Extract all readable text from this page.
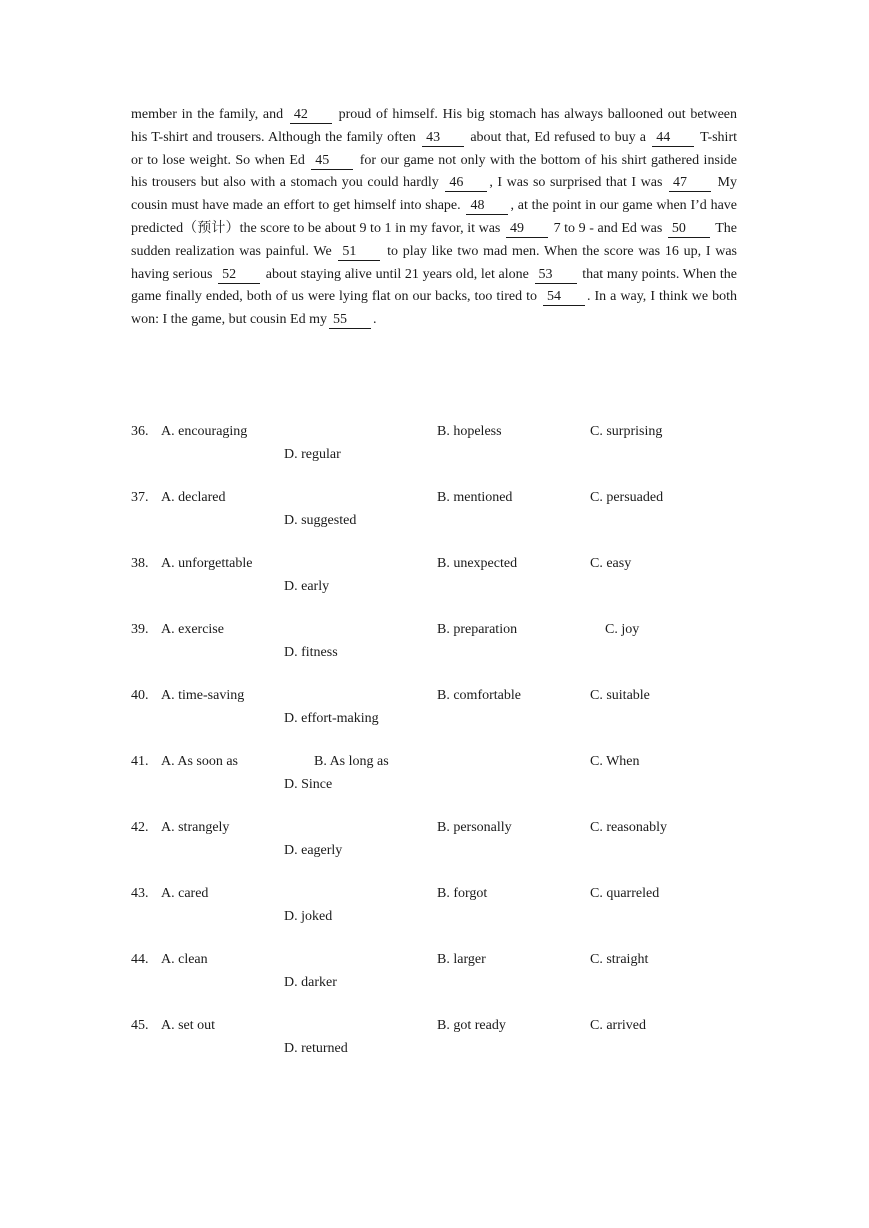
member in the family, and 42 proud of himself. His big stomach has always ballooned out between his T-shirt and trousers. Although the family often 43 about that, Ed refused to buy a 44 T-shirt or to lose weight. So when Ed 45 for our game not only with the bottom of his shirt gathered inside his trousers but also with a stomach you could hardly 46 , I was so surprised that I was 47 My cousin must have made an effort to get himself into shape. 48 , at the point in our game when I’d have predicted（预计）the score to be about 9 to 1 in my favor, it was 49 7 to 9 - and Ed was 50 The sudden realization was painful. We 51 to play like two mad men. When the score was 16 up, I was having serious 52 about staying alive until 21 years old, let alone 53 that many points. When the game finally ended, both of us were lying flat on our backs, too tired to 54 . In a way, I think we both won: I the game, but cousin Ed my 55 .
36. A. encouraging	B. hopeless	C. surprising
D. regular
37. A. declared	B. mentioned	C. persuaded
D. suggested
38. A. unforgettable	B. unexpected	C. easy
D. early
39. A. exercise	B. preparation	C. joy
D. fitness
40. A. time-saving	B. comfortable	C. suitable
D. effort-making
41. A. As soon as	B. As long as	C. When
D. Since
42. A. strangely	B. personally	C. reasonably
D. eagerly
43. A. cared	B. forgot	C. quarreled
D. joked
44. A. clean	B. larger	C. straight
D. darker
45. A. set out	B. got ready	C. arrived
D. returned
